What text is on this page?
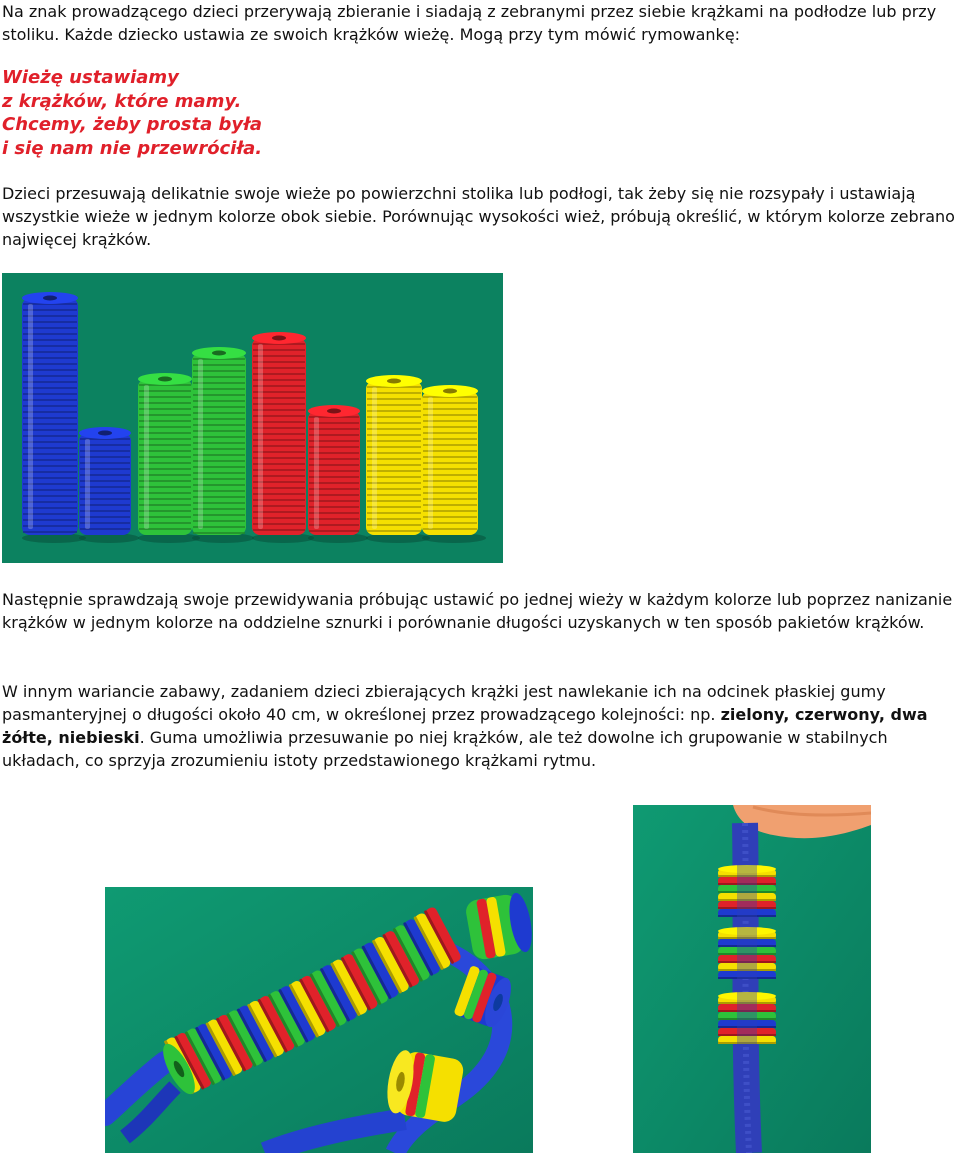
Na znak prowadzącego dzieci przerywają zbieranie i siadają z zebranymi przez siebie krążkami na podłodze lub przy stoliku. Każde dziecko ustawia ze swoich krążków wieżę. Mogą przy tym mówić rymowankę:

Wieżę ustawiamy
z krążków, które mamy.
Chcemy, żeby prosta była
i się nam nie przewróciła.

Dzieci przesuwają delikatnie swoje wieże po powierzchni stolika lub podłogi, tak żeby się nie rozsypały i ustawiają wszystkie wieże w jednym kolorze obok siebie. Porównując wysokości wież, próbują określić, w którym kolorze zebrano najwięcej krążków.

Następnie sprawdzają swoje przewidywania próbując ustawić po jednej wieży w każdym kolorze lub poprzez nanizanie krążków w jednym kolorze na oddzielne sznurki i porównanie długości uzyskanych w ten sposób pakietów krążków.

W innym wariancie zabawy, zadaniem dzieci zbierających krążki jest nawlekanie ich na odcinek płaskiej gumy pasmanteryjnej o długości około 40 cm, w określonej przez prowadzącego kolejności: np. zielony, czerwony, dwa żółte, niebieski. Guma umożliwia przesuwanie po niej krążków, ale też dowolne ich grupowanie w stabilnych układach, co sprzyja zrozumieniu istoty przedstawionego krążkami rytmu.
